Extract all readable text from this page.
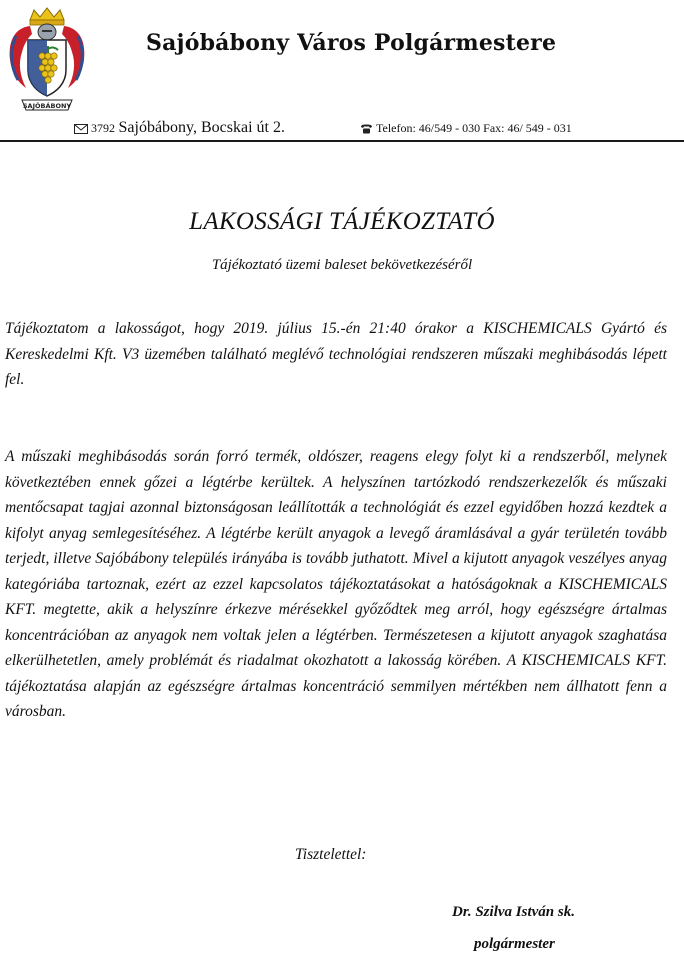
SAJÓBÁBONY
Sajóbábony Város Polgármestere
3792 Sajóbábony, Bocskai út 2.	Telefon: 46/549 - 030 Fax: 46/ 549 - 031
LAKOSSÁGI TÁJÉKOZTATÓ
Tájékoztató üzemi baleset bekövetkezéséről

Tájékoztatom a lakosságot, hogy 2019. július 15.-én 21:40 órakor a KISCHEMICALS Gyártó és Kereskedelmi Kft. V3 üzemében található meglévő technológiai rendszeren műszaki meghibásodás lépett fel.

A műszaki meghibásodás során forró termék, oldószer, reagens elegy folyt ki a rendszerből, melynek következtében ennek gőzei a légtérbe kerültek. A helyszínen tartózkodó rendszerkezelők és műszaki mentőcsapat tagjai azonnal biztonságosan leállították a technológiát és ezzel egyidőben hozzá kezdtek a kifolyt anyag semlegesítéséhez. A légtérbe került anyagok a levegő áramlásával a gyár területén tovább terjedt, illetve Sajóbábony település irányába is tovább juthatott. Mivel a kijutott anyagok veszélyes anyag kategóriába tartoznak, ezért az ezzel kapcsolatos tájékoztatásokat a hatóságoknak a KISCHEMICALS KFT. megtette, akik a helyszínre érkezve mérésekkel győződtek meg arról, hogy egészségre ártalmas koncentrációban az anyagok nem voltak jelen a légtérben. Természetesen a kijutott anyagok szaghatása elkerülhetetlen, amely problémát és riadalmat okozhatott a lakosság körében. A KISCHEMICALS KFT. tájékoztatása alapján az egészségre ártalmas koncentráció semmilyen mértékben nem állhatott fenn a városban.

Tisztelettel:
Dr. Szilva István sk.
polgármester
